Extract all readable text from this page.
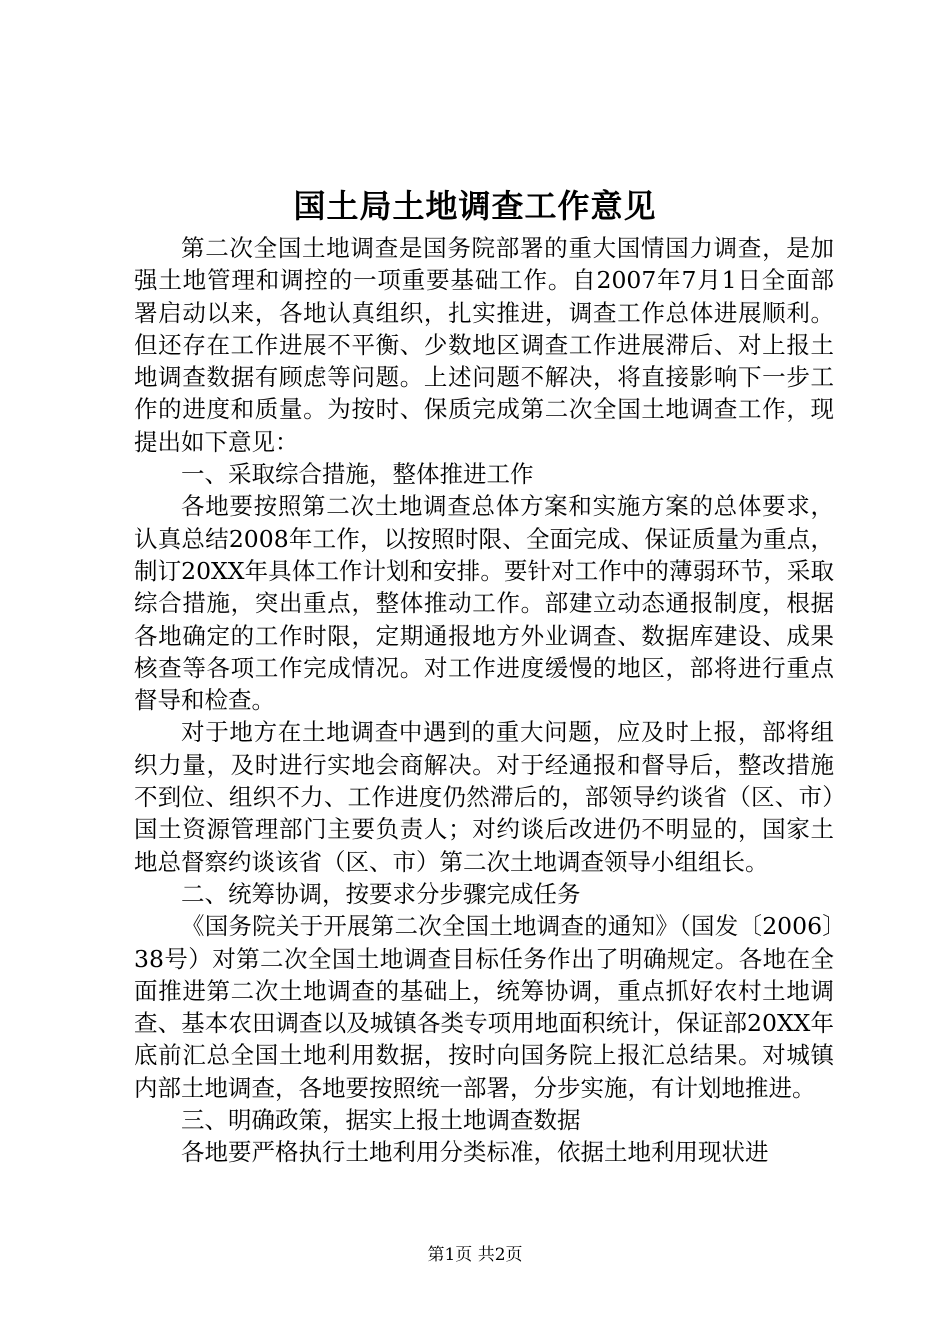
国土局土地调查工作意见

第二次全国土地调查是国务院部署的重大国情国力调查，是加强土地管理和调控的一项重要基础工作。自2007年7月1日全面部署启动以来，各地认真组织，扎实推进，调查工作总体进展顺利。但还存在工作进展不平衡、少数地区调查工作进展滞后、对上报土地调查数据有顾虑等问题。上述问题不解决，将直接影响下一步工作的进度和质量。为按时、保质完成第二次全国土地调查工作，现提出如下意见：

一、采取综合措施，整体推进工作

各地要按照第二次土地调查总体方案和实施方案的总体要求，认真总结2008年工作，以按照时限、全面完成、保证质量为重点，制订20XX年具体工作计划和安排。要针对工作中的薄弱环节，采取综合措施，突出重点，整体推动工作。部建立动态通报制度，根据各地确定的工作时限，定期通报地方外业调查、数据库建设、成果核查等各项工作完成情况。对工作进度缓慢的地区，部将进行重点督导和检查。

对于地方在土地调查中遇到的重大问题，应及时上报，部将组织力量，及时进行实地会商解决。对于经通报和督导后，整改措施不到位、组织不力、工作进度仍然滞后的，部领导约谈省（区、市）国土资源管理部门主要负责人；对约谈后改进仍不明显的，国家土地总督察约谈该省（区、市）第二次土地调查领导小组组长。

二、统筹协调，按要求分步骤完成任务

《国务院关于开展第二次全国土地调查的通知》（国发〔2006〕38号）对第二次全国土地调查目标任务作出了明确规定。各地在全面推进第二次土地调查的基础上，统筹协调，重点抓好农村土地调查、基本农田调查以及城镇各类专项用地面积统计，保证部20XX年底前汇总全国土地利用数据，按时向国务院上报汇总结果。对城镇内部土地调查，各地要按照统一部署，分步实施，有计划地推进。

三、明确政策，据实上报土地调查数据

各地要严格执行土地利用分类标准，依据土地利用现状进

第1页 共2页
